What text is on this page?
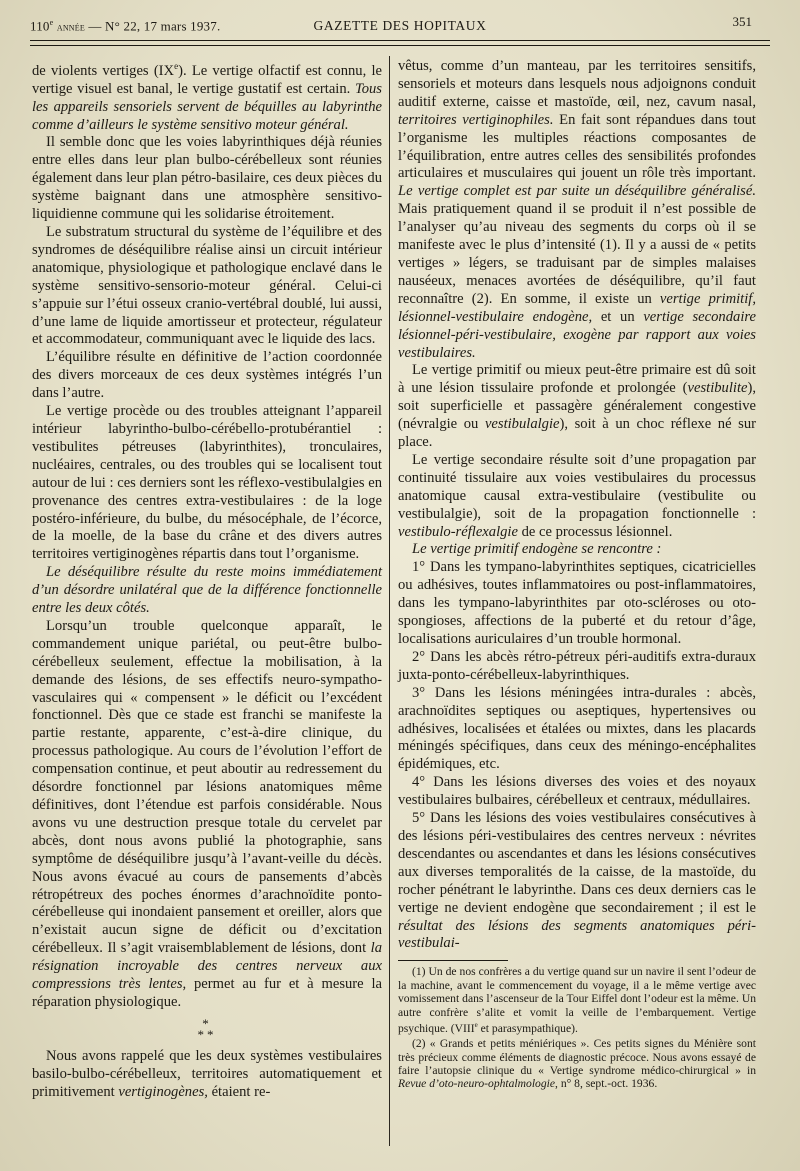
110e année — N° 22, 17 mars 1937.	GAZETTE DES HOPITAUX	351

de violents vertiges (IXe). Le vertige olfactif est connu, le vertige visuel est banal, le vertige gustatif est certain. Tous les appareils sensoriels servent de béquilles au labyrinthe comme d’ailleurs le système sensitivo moteur général.

Il semble donc que les voies labyrinthiques déjà réunies entre elles dans leur plan bulbo-cérébelleux sont réunies également dans leur plan pétro-basilaire, ces deux pièces du système baignant dans une atmosphère sensitivo-liquidienne commune qui les solidarise étroitement.

Le substratum structural du système de l’équilibre et des syndromes de déséquilibre réalise ainsi un circuit intérieur anatomique, physiologique et pathologique enclavé dans le système sensitivo-sensorio-moteur général. Celui-ci s’appuie sur l’étui osseux cranio-vertébral doublé, lui aussi, d’une lame de liquide amortisseur et protecteur, régulateur et accommodateur, communiquant avec le liquide des lacs.

L’équilibre résulte en définitive de l’action coordonnée des divers morceaux de ces deux systèmes intégrés l’un dans l’autre.

Le vertige procède ou des troubles atteignant l’appareil intérieur labyrintho-bulbo-cérébello-protubérantiel : vestibulites pétreuses (labyrinthites), tronculaires, nucléaires, centrales, ou des troubles qui se localisent tout autour de lui : ces derniers sont les réflexo-vestibulalgies en provenance des centres extra-vestibulaires : de la loge postéro-inférieure, du bulbe, du mésocéphale, de l’écorce, de la moelle, de la base du crâne et des divers autres territoires vertiginogènes répartis dans tout l’organisme.

Le déséquilibre résulte du reste moins immédiatement d’un désordre unilatéral que de la différence fonctionnelle entre les deux côtés.

Lorsqu’un trouble quelconque apparaît, le commandement unique pariétal, ou peut-être bulbo-cérébelleux seulement, effectue la mobilisation, à la demande des lésions, de ses effectifs neuro-sympatho-vasculaires qui « compensent » le déficit ou l’excédent fonctionnel. Dès que ce stade est franchi se manifeste la partie restante, apparente, c’est-à-dire clinique, du processus pathologique. Au cours de l’évolution l’effort de compensation continue, et peut aboutir au redressement du désordre fonctionnel par lésions anatomiques même définitives, dont l’étendue est parfois considérable. Nous avons vu une destruction presque totale du cervelet par abcès, dont nous avons publié la photographie, sans symptôme de déséquilibre jusqu’à l’avant-veille du décès. Nous avons évacué au cours de pansements d’abcès rétropétreux des poches énormes d’arachnoïdite ponto-cérébelleuse qui inondaient pansement et oreiller, alors que n’existait aucun signe de déficit ou d’excitation cérébelleux. Il s’agit vraisemblablement de lésions, dont la résignation incroyable des centres nerveux aux compressions très lentes, permet au fur et à mesure la réparation physiologique.

*
**

Nous avons rappelé que les deux systèmes vestibulaires basilo-bulbo-cérébelleux, territoires automatiquement et primitivement vertiginogènes, étaient re-

vêtus, comme d’un manteau, par les territoires sensitifs, sensoriels et moteurs dans lesquels nous adjoignons conduit auditif externe, caisse et mastoïde, œil, nez, cavum nasal, territoires vertiginophiles. En fait sont répandues dans tout l’organisme les multiples réactions composantes de l’équilibration, entre autres celles des sensibilités profondes articulaires et musculaires qui jouent un rôle très important. Le vertige complet est par suite un déséquilibre généralisé. Mais pratiquement quand il se produit il n’est possible de l’analyser qu’au niveau des segments du corps où il se manifeste avec le plus d’intensité (1). Il y a aussi de « petits vertiges » légers, se traduisant par de simples malaises nauséeux, menaces avortées de déséquilibre, qu’il faut reconnaître (2). En somme, il existe un vertige primitif, lésionnel-vestibulaire endogène, et un vertige secondaire lésionnel-péri-vestibulaire, exogène par rapport aux voies vestibulaires.

Le vertige primitif ou mieux peut-être primaire est dû soit à une lésion tissulaire profonde et prolongée (vestibulite), soit superficielle et passagère généralement congestive (névralgie ou vestibulalgie), soit à un choc réflexe né sur place.

Le vertige secondaire résulte soit d’une propagation par continuité tissulaire aux voies vestibulaires du processus anatomique causal extra-vestibulaire (vestibulite ou vestibulalgie), soit de la propagation fonctionnelle : vestibulo-réflexalgie de ce processus lésionnel.

Le vertige primitif endogène se rencontre :

1° Dans les tympano-labyrinthites septiques, cicatricielles ou adhésives, toutes inflammatoires ou post-inflammatoires, dans les tympano-labyrinthites par oto-scléroses ou oto-spongioses, affections de la puberté et du retour d’âge, localisations auriculaires d’un trouble hormonal.

2° Dans les abcès rétro-pétreux péri-auditifs extra-duraux juxta-ponto-cérébelleux-labyrinthiques.

3° Dans les lésions méningées intra-durales : abcès, arachnoïdites septiques ou aseptiques, hypertensives ou adhésives, localisées et étalées ou mixtes, dans les placards méningés spécifiques, dans ceux des méningo-encéphalites épidémiques, etc.

4° Dans les lésions diverses des voies et des noyaux vestibulaires bulbaires, cérébelleux et centraux, médullaires.

5° Dans les lésions des voies vestibulaires consécutives à des lésions péri-vestibulaires des centres nerveux : névrites descendantes ou ascendantes et dans les lésions consécutives aux diverses temporalités de la caisse, de la mastoïde, du rocher pénétrant le labyrinthe. Dans ces deux derniers cas le vertige ne devient endogène que secondairement ; il est le résultat des lésions des segments anatomiques péri-vestibulai-

(1) Un de nos confrères a du vertige quand sur un navire il sent l’odeur de la machine, avant le commencement du voyage, il a le même vertige avec vomissement dans l’ascenseur de la Tour Eiffel dont l’odeur est la même. Un autre confrère s’alite et vomit la veille de l’embarquement. Vertige psychique. (VIIIe et parasympathique).

(2) « Grands et petits méniériques ». Ces petits signes du Ménière sont très précieux comme éléments de diagnostic précoce. Nous avons essayé de faire l’autopsie clinique du « Vertige syndrome médico-chirurgical » in Revue d’oto-neuro-ophtalmologie, n° 8, sept.-oct. 1936.
